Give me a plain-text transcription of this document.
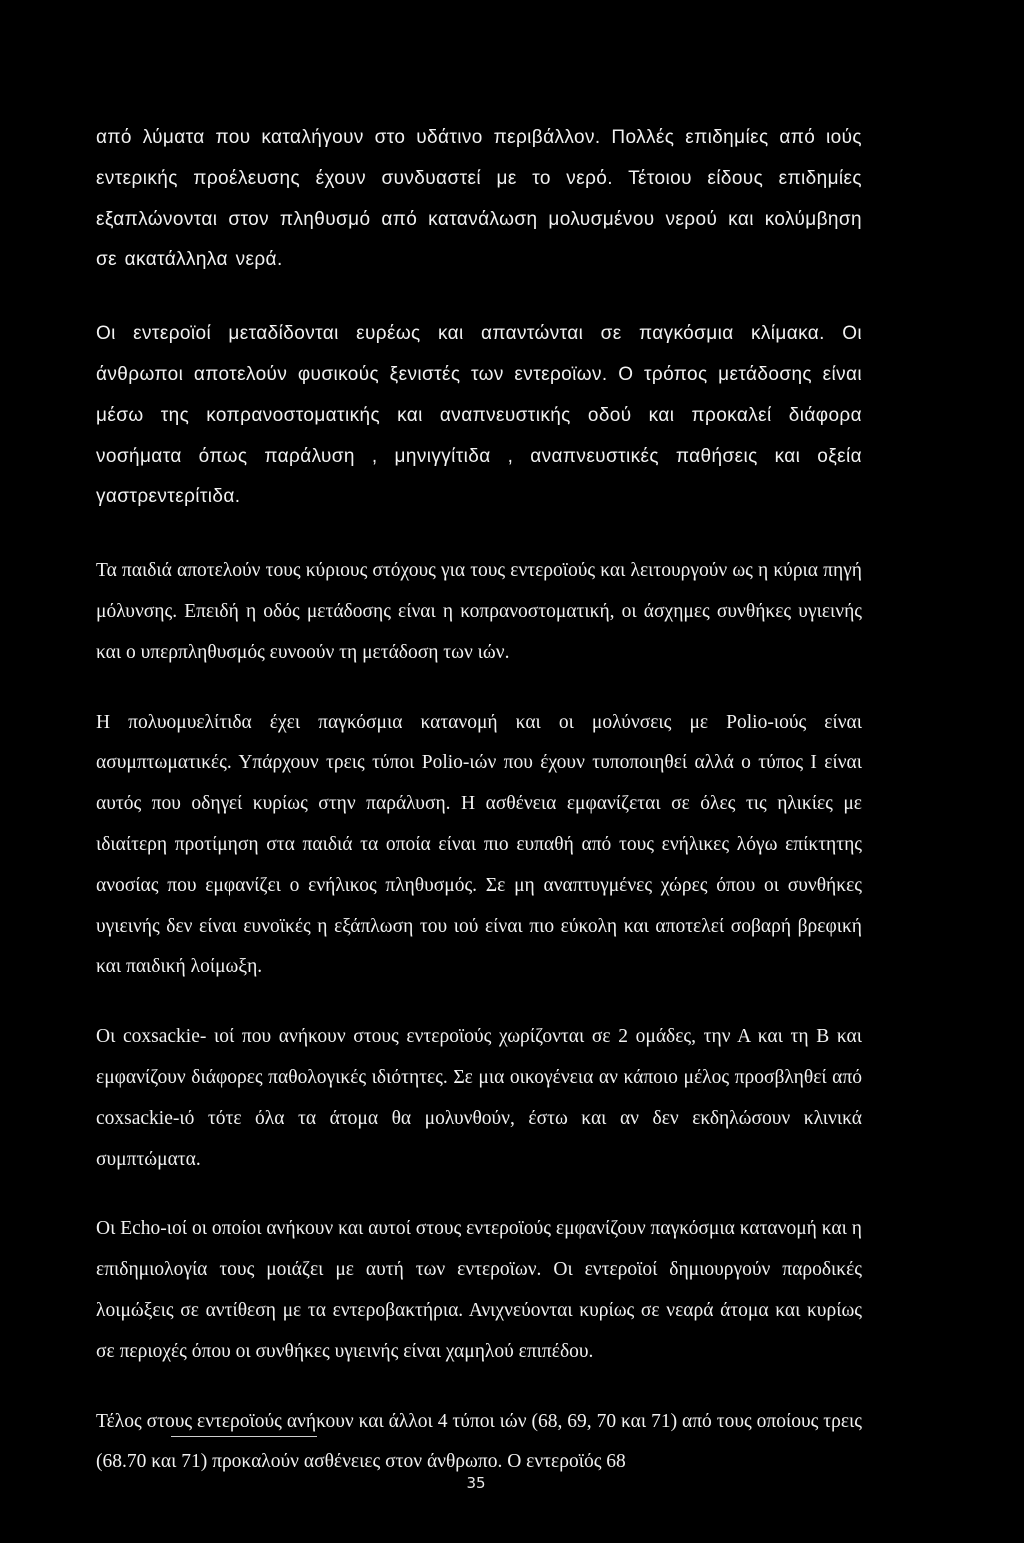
από λύματα που καταλήγουν στο υδάτινο περιβάλλον. Πολλές επιδημίες από ιούς εντερικής προέλευσης έχουν συνδυαστεί με το νερό. Τέτοιου είδους επιδημίες εξαπλώνονται στον πληθυσμό από κατανάλωση μολυσμένου νερού και κολύμβηση σε ακατάλληλα νερά.

Οι εντεροϊοί μεταδίδονται ευρέως και απαντώνται σε παγκόσμια κλίμακα. Οι άνθρωποι αποτελούν φυσικούς ξενιστές των εντεροϊων. Ο τρόπος μετάδοσης είναι μέσω της κοπρανοστοματικής και αναπνευστικής οδού και προκαλεί διάφορα νοσήματα όπως παράλυση , μηνιγγίτιδα , αναπνευστικές παθήσεις και οξεία γαστρεντερίτιδα.

Τα παιδιά αποτελούν τους κύριους στόχους για τους εντεροϊούς και λειτουργούν ως η κύρια πηγή μόλυνσης. Επειδή η οδός μετάδοσης είναι η κοπρανοστοματική, οι άσχημες συνθήκες υγιεινής και ο υπερπληθυσμός ευνοούν τη μετάδοση των ιών.

Η πολυομυελίτιδα έχει παγκόσμια κατανομή και οι μολύνσεις με Polio-ιούς είναι ασυμπτωματικές. Υπάρχουν τρεις τύποι Polio-ιών που έχουν τυποποιηθεί αλλά ο τύπος I είναι αυτός που οδηγεί κυρίως στην παράλυση. Η ασθένεια εμφανίζεται σε όλες τις ηλικίες με ιδιαίτερη προτίμηση στα παιδιά τα οποία είναι πιο ευπαθή από τους ενήλικες λόγω επίκτητης ανοσίας που εμφανίζει ο ενήλικος πληθυσμός. Σε μη αναπτυγμένες χώρες όπου οι συνθήκες υγιεινής δεν είναι ευνοϊκές η εξάπλωση του ιού είναι πιο εύκολη και αποτελεί σοβαρή βρεφική και παιδική λοίμωξη.

Οι coxsackie- ιοί που ανήκουν στους εντεροϊούς χωρίζονται σε 2 ομάδες, την Α και τη Β και εμφανίζουν διάφορες παθολογικές ιδιότητες. Σε μια οικογένεια αν κάποιο μέλος προσβληθεί από coxsackie-ιό τότε όλα τα άτομα θα μολυνθούν, έστω και αν δεν εκδηλώσουν κλινικά συμπτώματα.

Οι Echo-ιοί οι οποίοι ανήκουν και αυτοί στους εντεροϊούς εμφανίζουν παγκόσμια κατανομή και η επιδημιολογία τους μοιάζει με αυτή των εντεροϊων. Οι εντεροϊοί δημιουργούν παροδικές λοιμώξεις σε αντίθεση με τα εντεροβακτήρια. Ανιχνεύονται κυρίως σε νεαρά άτομα και κυρίως σε περιοχές όπου οι συνθήκες υγιεινής είναι χαμηλού επιπέδου.

Τέλος στους εντεροϊούς ανήκουν και άλλοι 4 τύποι ιών (68, 69, 70 και 71) από τους οποίους τρεις (68.70 και 71) προκαλούν ασθένειες στον άνθρωπο. Ο εντεροϊός 68

35
